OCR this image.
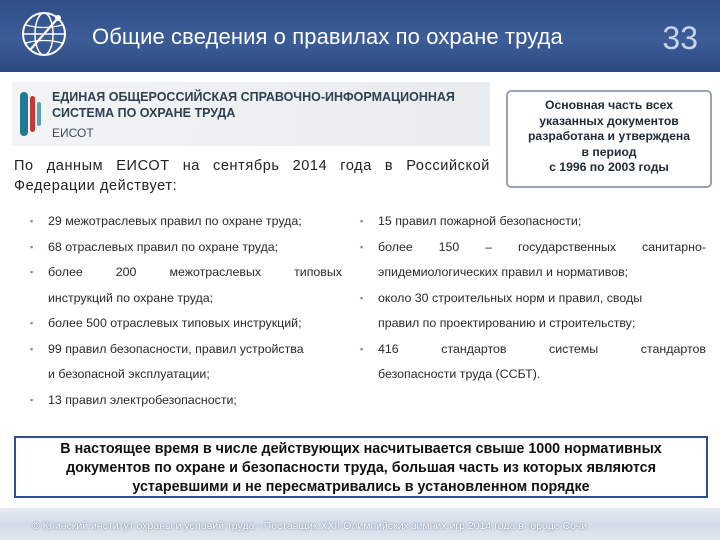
Общие сведения о правилах по охране труда	33
ЕДИНАЯ ОБЩЕРОССИЙСКАЯ СПРАВОЧНО-ИНФОРМАЦИОННАЯ
СИСТЕМА ПО ОХРАНЕ ТРУДА
ЕИСОТ
По данным ЕИСОТ на сентябрь 2014 года в Российской Федерации действует:
Основная часть всех
указанных документов
разработана и утверждена
в период
с 1996 по 2003 годы
▪ 29 межотраслевых правил по охране труда;
▪ 68 отраслевых правил по охране труда;
▪ более	200	межотраслевых	типовых
инструкций по охране труда;
▪ более 500 отраслевых типовых инструкций;
▪ 99 правил безопасности, правил устройства
и безопасной эксплуатации;
▪ 13 правил электробезопасности;
▪ 15 правил пожарной безопасности;
▪ более 150 – государственных санитарно-
эпидемиологических правил и нормативов;
▪ около 30 строительных норм и правил, своды
правил по проектированию и строительству;
▪ 416	стандартов	системы	стандартов
безопасности труда (ССБТ).
В настоящее время в числе действующих насчитывается свыше 1000 нормативных
документов по охране и безопасности труда, большая часть из которых являются
устаревшими и не пересматривались в установленном порядке
© Клинский институт охраны и условий труда - Поставщик XXII Олимпийских зимних игр 2014 года в городе Сочи
